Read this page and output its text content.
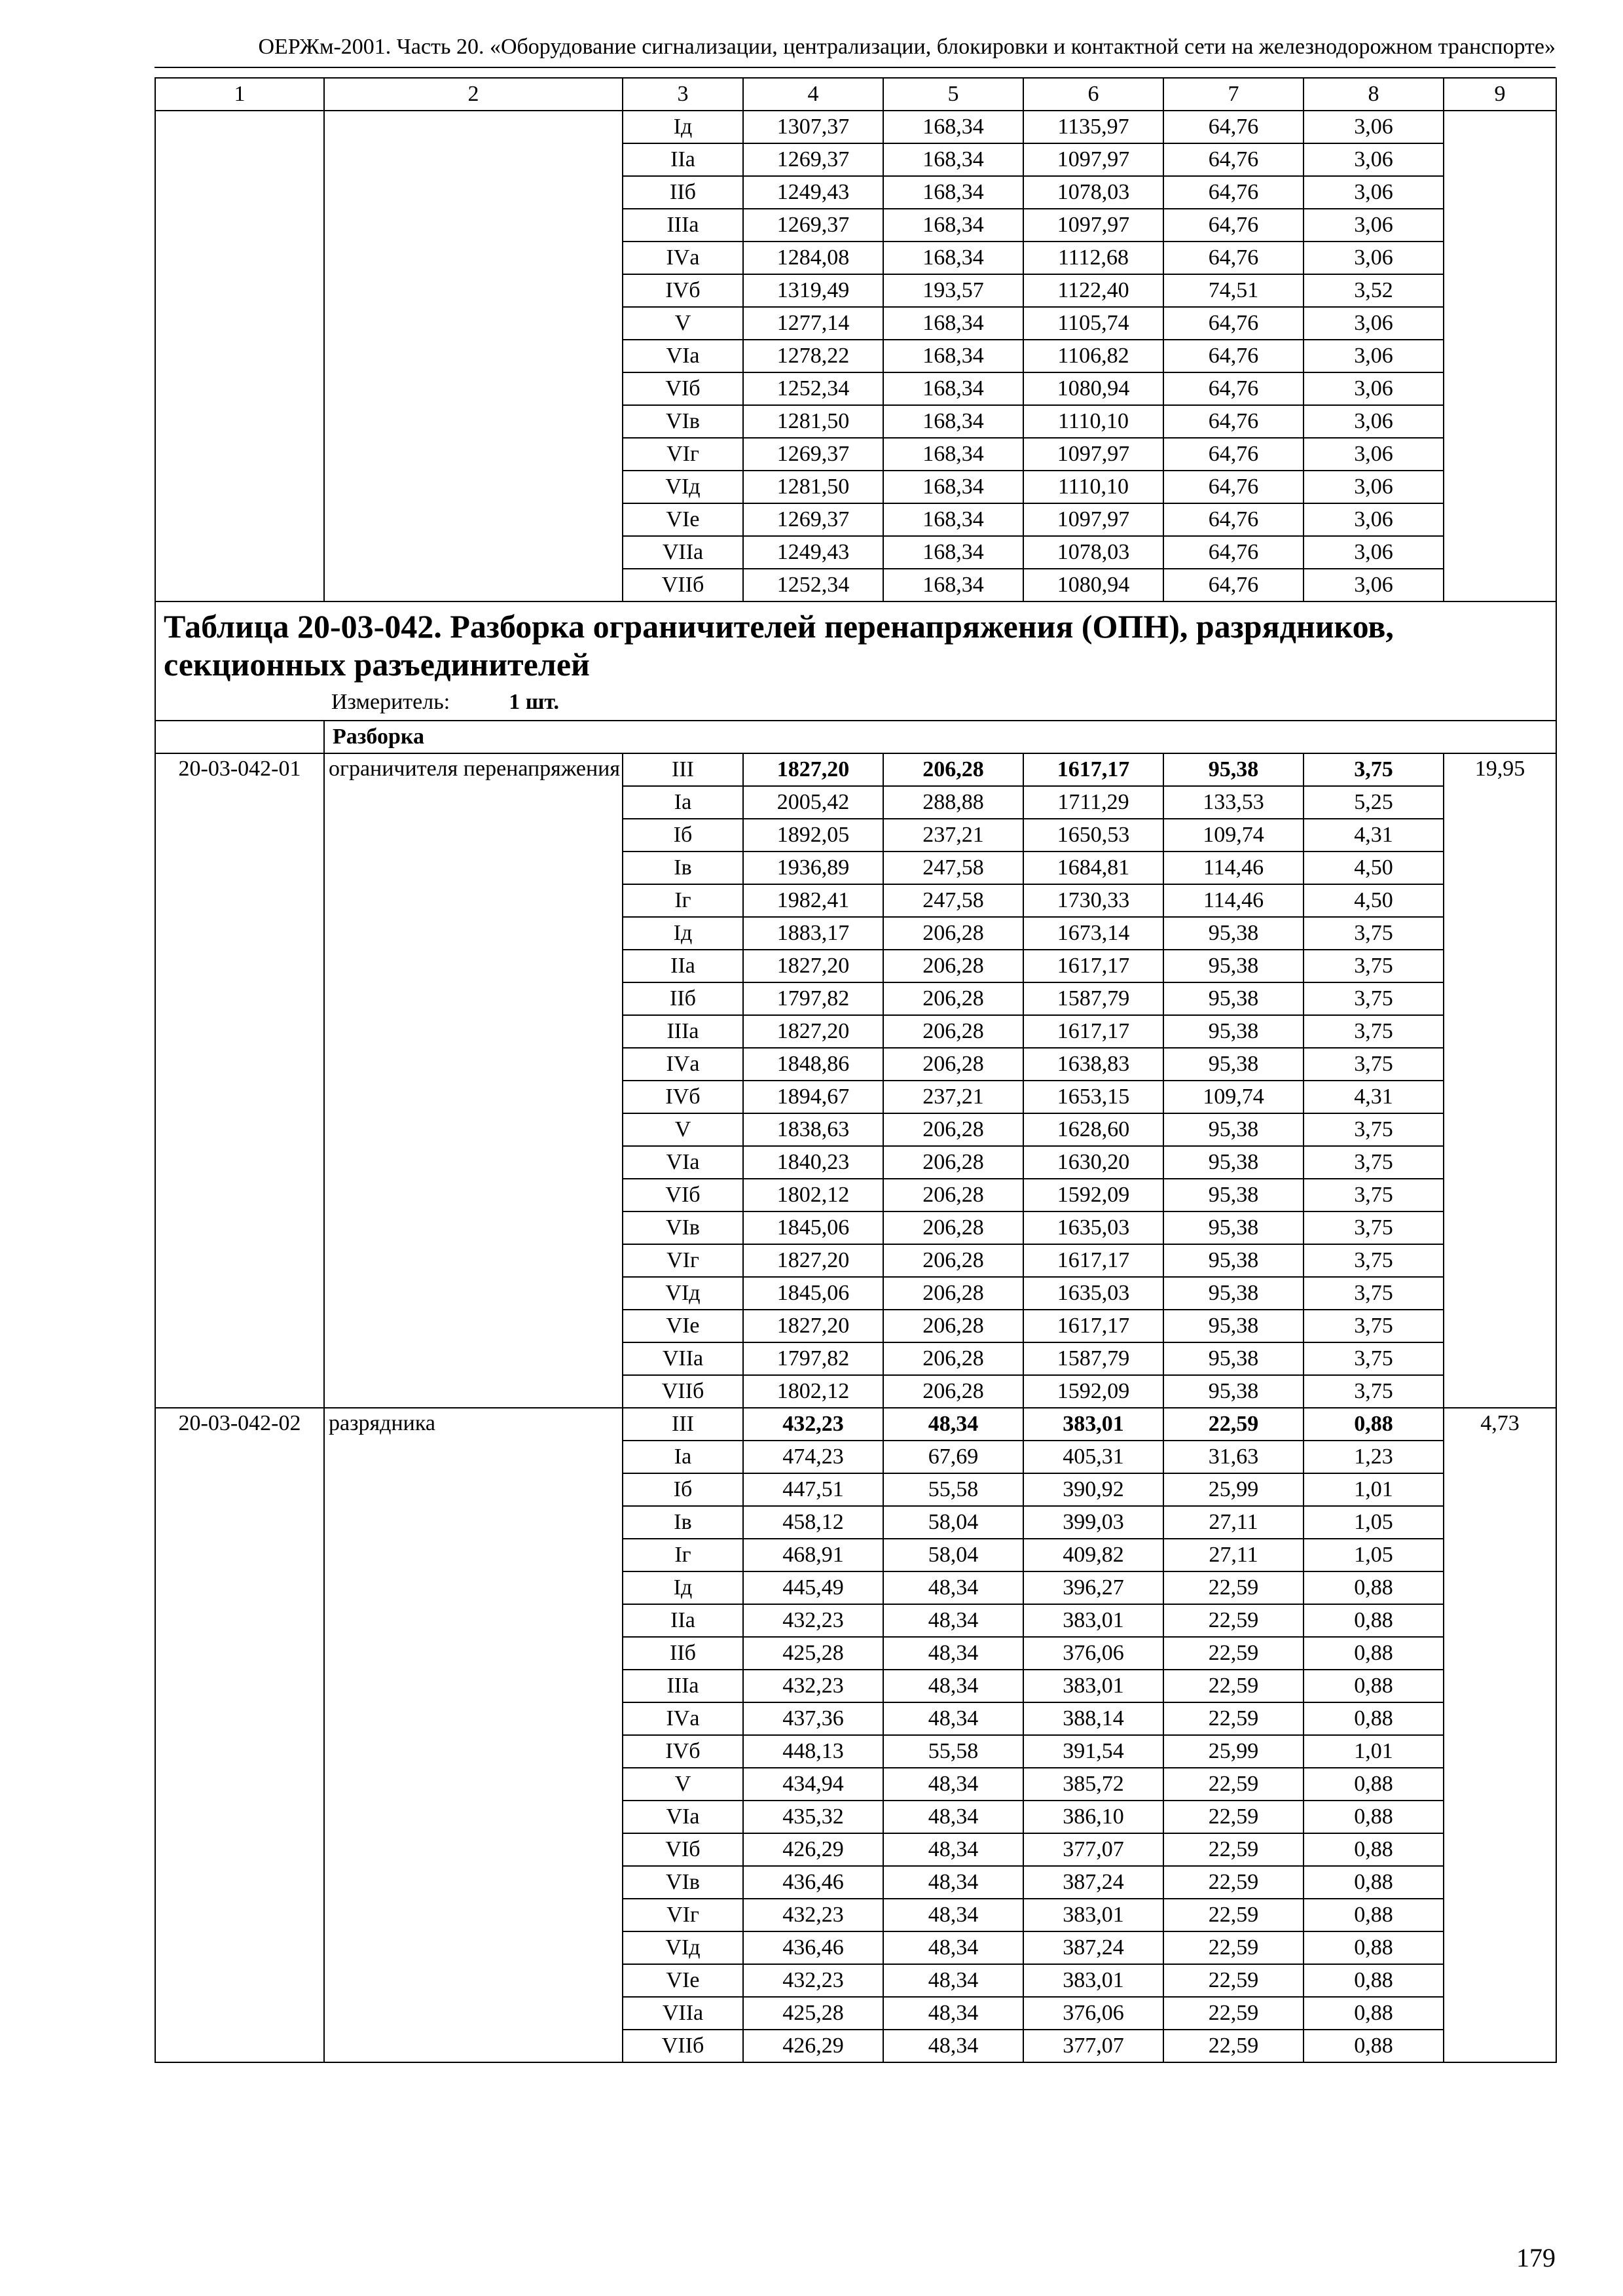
ОЕРЖм-2001. Часть 20. «Оборудование сигнализации, централизации, блокировки и контактной сети на железнодорожном транспорте»
1	2	3	4	5	6	7	8	9
		Iд	1307,37	168,34	1135,97	64,76	3,06	
		IIа	1269,37	168,34	1097,97	64,76	3,06	
		IIб	1249,43	168,34	1078,03	64,76	3,06	
		IIIа	1269,37	168,34	1097,97	64,76	3,06	
		IVа	1284,08	168,34	1112,68	64,76	3,06	
		IVб	1319,49	193,57	1122,40	74,51	3,52	
		V	1277,14	168,34	1105,74	64,76	3,06	
		VIа	1278,22	168,34	1106,82	64,76	3,06	
		VIб	1252,34	168,34	1080,94	64,76	3,06	
		VIв	1281,50	168,34	1110,10	64,76	3,06	
		VIг	1269,37	168,34	1097,97	64,76	3,06	
		VIд	1281,50	168,34	1110,10	64,76	3,06	
		VIе	1269,37	168,34	1097,97	64,76	3,06	
		VIIа	1249,43	168,34	1078,03	64,76	3,06	
		VIIб	1252,34	168,34	1080,94	64,76	3,06	

Таблица 20-03-042. Разборка ограничителей перенапряжения (ОПН), разрядников, секционных разъединителей
Измеритель: 1 шт.								

	Разборка							
20-03-042-01	ограничителя перенапряжения	III	1827,20	206,28	1617,17	95,38	3,75	19,95
		Iа	2005,42	288,88	1711,29	133,53	5,25	
		Iб	1892,05	237,21	1650,53	109,74	4,31	
		Iв	1936,89	247,58	1684,81	114,46	4,50	
		Iг	1982,41	247,58	1730,33	114,46	4,50	
		Iд	1883,17	206,28	1673,14	95,38	3,75	
		IIа	1827,20	206,28	1617,17	95,38	3,75	
		IIб	1797,82	206,28	1587,79	95,38	3,75	
		IIIа	1827,20	206,28	1617,17	95,38	3,75	
		IVа	1848,86	206,28	1638,83	95,38	3,75	
		IVб	1894,67	237,21	1653,15	109,74	4,31	
		V	1838,63	206,28	1628,60	95,38	3,75	
		VIа	1840,23	206,28	1630,20	95,38	3,75	
		VIб	1802,12	206,28	1592,09	95,38	3,75	
		VIв	1845,06	206,28	1635,03	95,38	3,75	
		VIг	1827,20	206,28	1617,17	95,38	3,75	
		VIд	1845,06	206,28	1635,03	95,38	3,75	
		VIе	1827,20	206,28	1617,17	95,38	3,75	
		VIIа	1797,82	206,28	1587,79	95,38	3,75	
		VIIб	1802,12	206,28	1592,09	95,38	3,75	
20-03-042-02	разрядника	III	432,23	48,34	383,01	22,59	0,88	4,73
		Iа	474,23	67,69	405,31	31,63	1,23	
		Iб	447,51	55,58	390,92	25,99	1,01	
		Iв	458,12	58,04	399,03	27,11	1,05	
		Iг	468,91	58,04	409,82	27,11	1,05	
		Iд	445,49	48,34	396,27	22,59	0,88	
		IIа	432,23	48,34	383,01	22,59	0,88	
		IIб	425,28	48,34	376,06	22,59	0,88	
		IIIа	432,23	48,34	383,01	22,59	0,88	
		IVа	437,36	48,34	388,14	22,59	0,88	
		IVб	448,13	55,58	391,54	25,99	1,01	
		V	434,94	48,34	385,72	22,59	0,88	
		VIа	435,32	48,34	386,10	22,59	0,88	
		VIб	426,29	48,34	377,07	22,59	0,88	
		VIв	436,46	48,34	387,24	22,59	0,88	
		VIг	432,23	48,34	383,01	22,59	0,88	
		VIд	436,46	48,34	387,24	22,59	0,88	
		VIе	432,23	48,34	383,01	22,59	0,88	
		VIIа	425,28	48,34	376,06	22,59	0,88	
		VIIб	426,29	48,34	377,07	22,59	0,88	
179
